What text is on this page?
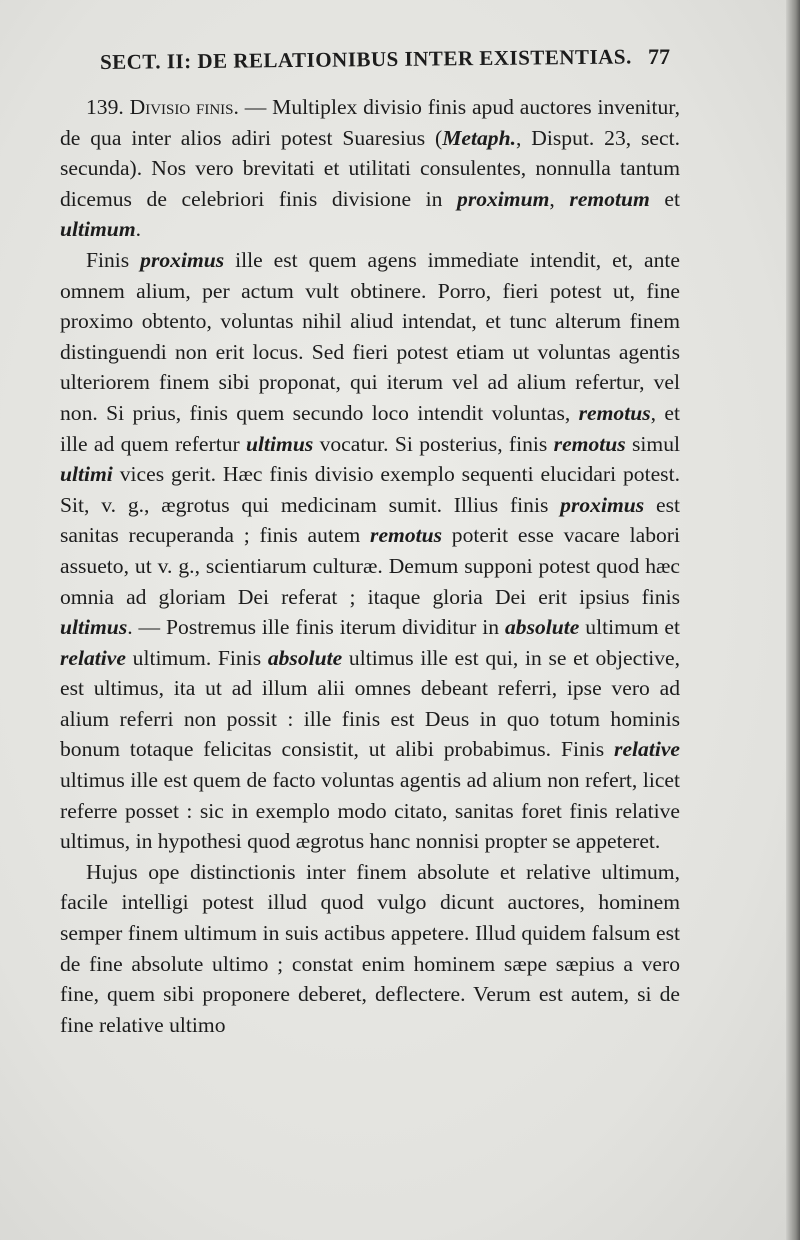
SECT. II: DE RELATIONIBUS INTER EXISTENTIAS. 77

139. Divisio finis. — Multiplex divisio finis apud auctores invenitur, de qua inter alios adiri potest Suaresius (Metaph., Disput. 23, sect. secunda). Nos vero brevitati et utilitati consulentes, nonnulla tantum dicemus de celebriori finis divisione in proximum, remotum et ultimum.

Finis proximus ille est quem agens immediate intendit, et, ante omnem alium, per actum vult obtinere. Porro, fieri potest ut, fine proximo obtento, voluntas nihil aliud intendat, et tunc alterum finem distinguendi non erit locus. Sed fieri potest etiam ut voluntas agentis ulteriorem finem sibi proponat, qui iterum vel ad alium refertur, vel non. Si prius, finis quem secundo loco intendit voluntas, remotus, et ille ad quem refertur ultimus vocatur. Si posterius, finis remotus simul ultimi vices gerit. Hæc finis divisio exemplo sequenti elucidari potest. Sit, v. g., ægrotus qui medicinam sumit. Illius finis proximus est sanitas recuperanda ; finis autem remotus poterit esse vacare labori assueto, ut v. g., scientiarum culturæ. Demum supponi potest quod hæc omnia ad gloriam Dei referat ; itaque gloria Dei erit ipsius finis ultimus. — Postremus ille finis iterum dividitur in absolute ultimum et relative ultimum. Finis absolute ultimus ille est qui, in se et objective, est ultimus, ita ut ad illum alii omnes debeant referri, ipse vero ad alium referri non possit : ille finis est Deus in quo totum hominis bonum totaque felicitas consistit, ut alibi probabimus. Finis relative ultimus ille est quem de facto voluntas agentis ad alium non refert, licet referre posset : sic in exemplo modo citato, sanitas foret finis relative ultimus, in hypothesi quod ægrotus hanc nonnisi propter se appeteret.

Hujus ope distinctionis inter finem absolute et relative ultimum, facile intelligi potest illud quod vulgo dicunt auctores, hominem semper finem ultimum in suis actibus appetere. Illud quidem falsum est de fine absolute ultimo ; constat enim hominem sæpe sæpius a vero fine, quem sibi proponere deberet, deflectere. Verum est autem, si de fine relative ultimo
